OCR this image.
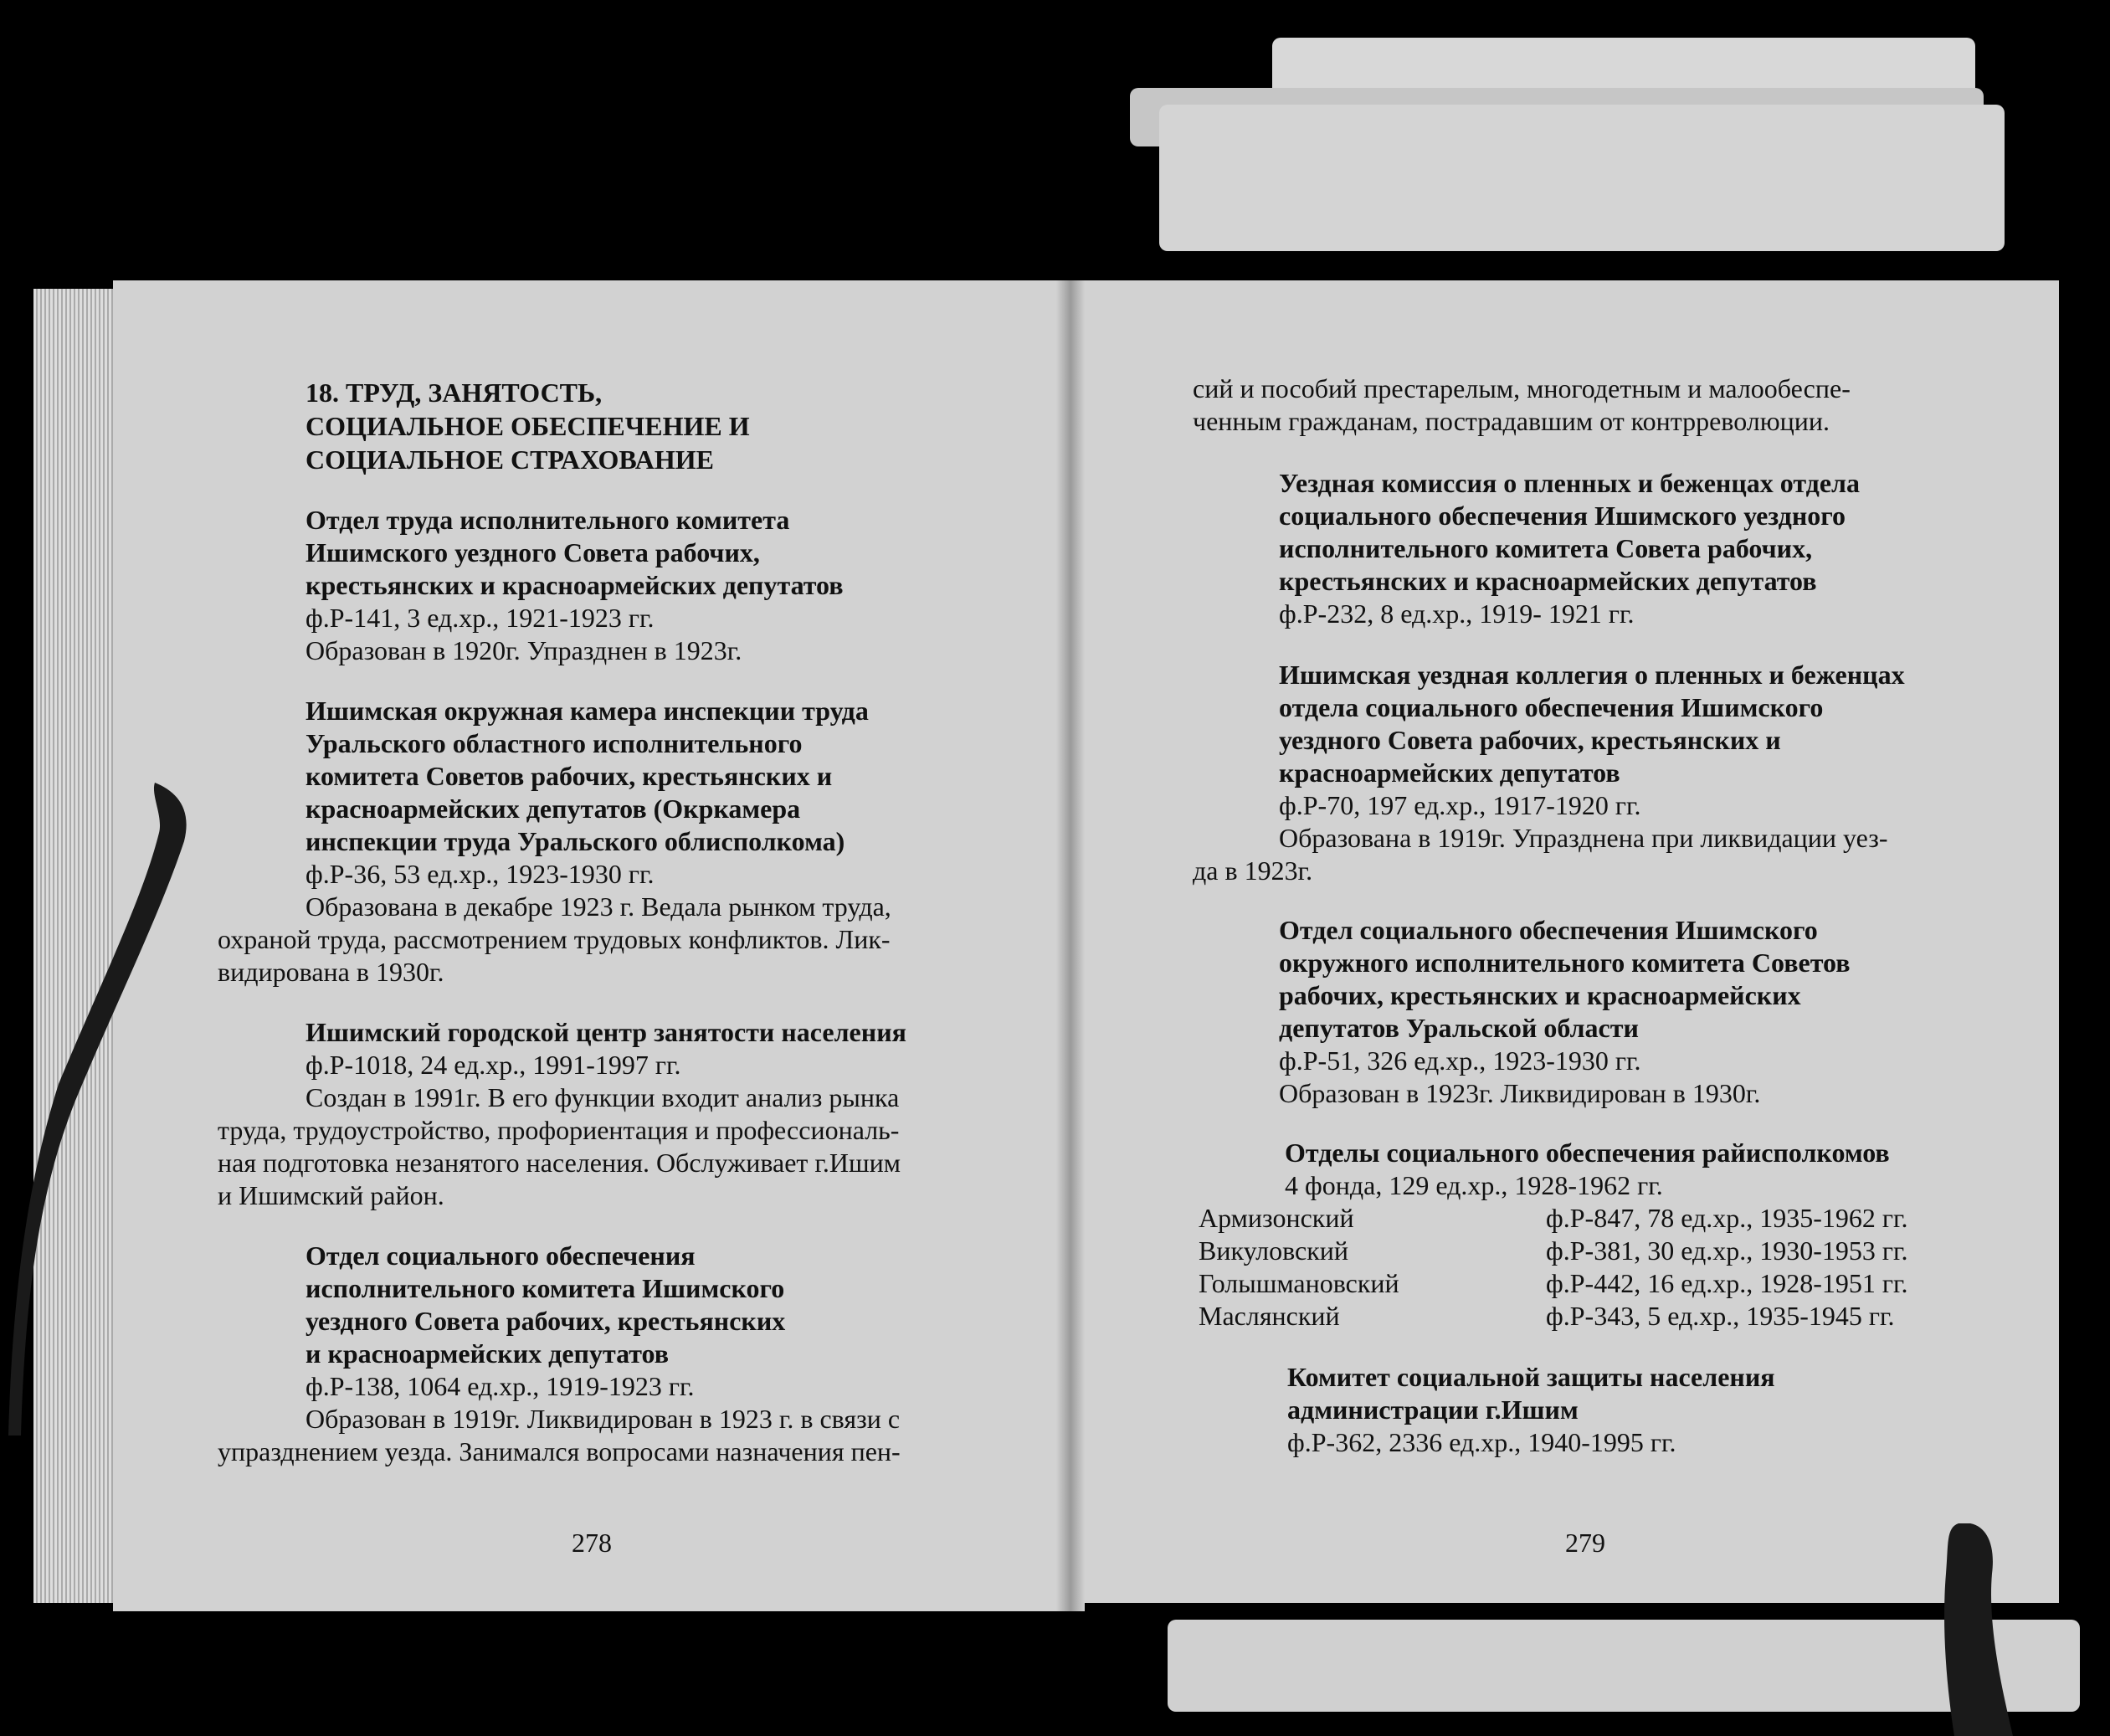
18. ТРУД, ЗАНЯТОСТЬ,
СОЦИАЛЬНОЕ ОБЕСПЕЧЕНИЕ И
СОЦИАЛЬНОЕ СТРАХОВАНИЕ
Отдел труда исполнительного комитета
Ишимского уездного Совета рабочих,
крестьянских и красноармейских депутатов
ф.Р-141, 3 ед.хр., 1921-1923 гг.
Образован в 1920г. Упразднен в 1923г.
Ишимская окружная камера инспекции труда
Уральского областного исполнительного
комитета Советов рабочих, крестьянских и
красноармейских депутатов (Окркамера
инспекции труда Уральского облисполкома)
ф.Р-36, 53 ед.хр., 1923-1930 гг.
Образована в декабре 1923 г. Ведала рынком труда,
охраной труда, рассмотрением трудовых конфликтов. Лик-
видирована в 1930г.
Ишимский городской центр занятости населения
ф.Р-1018, 24 ед.хр., 1991-1997 гг.
Создан в 1991г. В его функции входит анализ рынка
труда, трудоустройство, профориентация и профессиональ-
ная подготовка незанятого населения. Обслуживает г.Ишим
и Ишимский район.
Отдел социального обеспечения
исполнительного комитета Ишимского
уездного Совета рабочих, крестьянских
и красноармейских депутатов
ф.Р-138, 1064 ед.хр., 1919-1923 гг.
Образован в 1919г. Ликвидирован в 1923 г. в связи с
упразднением уезда. Занимался вопросами назначения пен-
278
сий и пособий престарелым, многодетным и малообеспе-
ченным гражданам, пострадавшим от контрреволюции.
Уездная комиссия о пленных и беженцах отдела
социального обеспечения Ишимского уездного
исполнительного комитета Совета рабочих,
крестьянских и красноармейских депутатов
ф.Р-232, 8 ед.хр., 1919- 1921 гг.
Ишимская уездная коллегия о пленных и беженцах
отдела социального обеспечения Ишимского
уездного Совета рабочих, крестьянских и
красноармейских депутатов
ф.Р-70, 197 ед.хр., 1917-1920 гг.
Образована в 1919г. Упразднена при ликвидации уез-
да в 1923г.
Отдел социального обеспечения Ишимского
окружного исполнительного комитета Советов
рабочих, крестьянских и красноармейских
депутатов Уральской области
ф.Р-51, 326 ед.хр., 1923-1930 гг.
Образован в 1923г. Ликвидирован в 1930г.
Отделы социального обеспечения райисполкомов
4 фонда, 129 ед.хр., 1928-1962 гг.
Армизонский	ф.Р-847, 78 ед.хр., 1935-1962 гг.
Викуловский	ф.Р-381, 30 ед.хр., 1930-1953 гг.
Голышмановский	ф.Р-442, 16 ед.хр., 1928-1951 гг.
Маслянский	ф.Р-343, 5 ед.хр., 1935-1945 гг.
Комитет социальной защиты населения
администрации г.Ишим
ф.Р-362, 2336 ед.хр., 1940-1995 гг.
279
